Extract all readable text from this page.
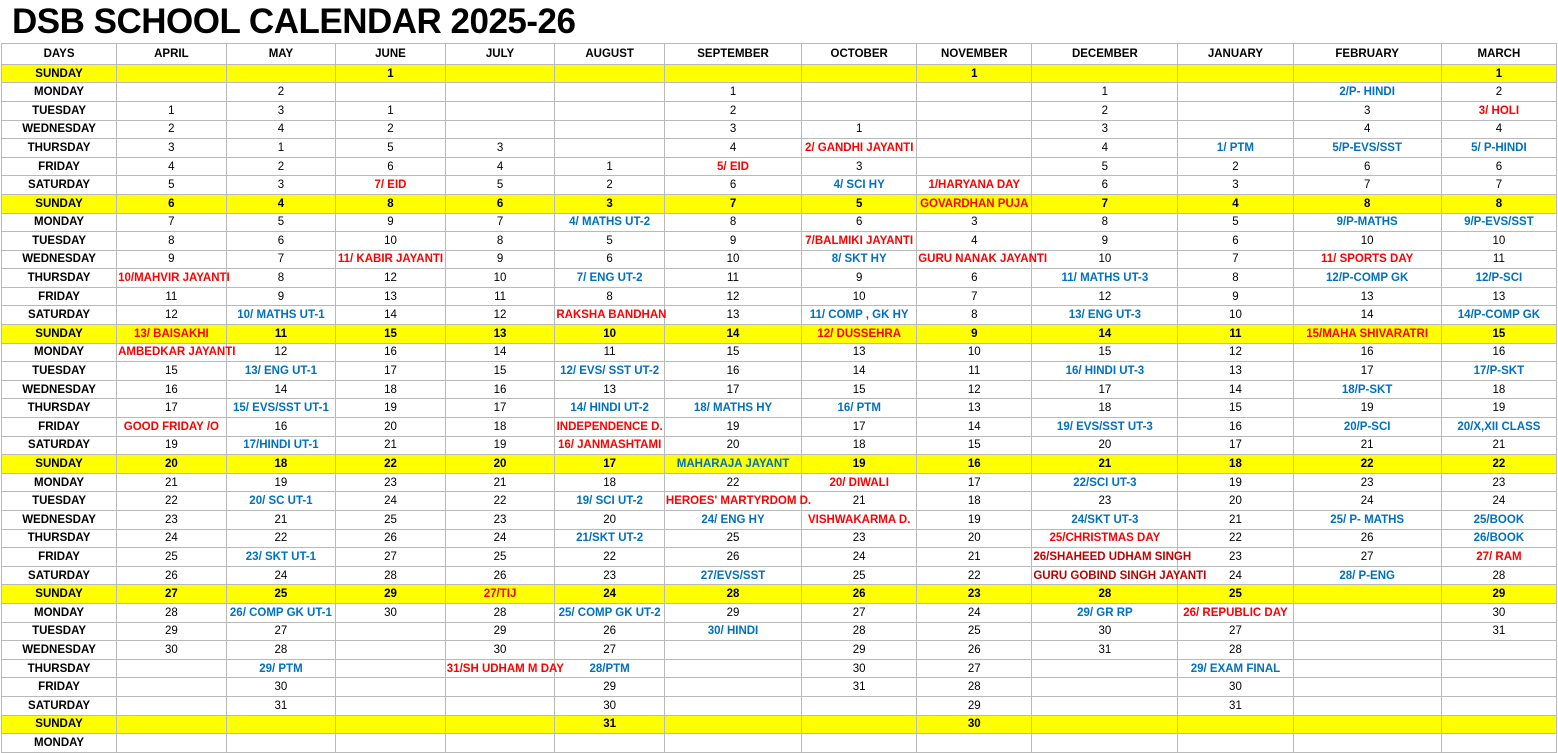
DSB SCHOOL CALENDAR 2025-26
DAYS	APRIL	MAY	JUNE	JULY	AUGUST	SEPTEMBER	OCTOBER	NOVEMBER	DECEMBER	JANUARY	FEBRUARY	MARCH
SUNDAY			1					1				1
MONDAY		2				1			1		2/P- HINDI	2
TUESDAY	1	3	1			2			2		3	3/ HOLI
WEDNESDAY	2	4	2			3	1		3		4	4
THURSDAY	3	1	5	3		4	2/ GANDHI JAYANTI		4	1/ PTM	5/P-EVS/SST	5/ P-HINDI
FRIDAY	4	2	6	4	1	5/ EID	3		5	2	6	6
SATURDAY	5	3	7/ EID	5	2	6	4/ SCI HY	1/HARYANA DAY	6	3	7	7
SUNDAY	6	4	8	6	3	7	5	GOVARDHAN PUJA	7	4	8	8
MONDAY	7	5	9	7	4/ MATHS UT-2	8	6	3	8	5	9/P-MATHS	9/P-EVS/SST
TUESDAY	8	6	10	8	5	9	7/BALMIKI JAYANTI	4	9	6	10	10
WEDNESDAY	9	7	11/ KABIR JAYANTI	9	6	10	8/ SKT HY	GURU NANAK JAYANTI	10	7	11/ SPORTS DAY	11
THURSDAY	10/MAHVIR JAYANTI	8	12	10	7/ ENG UT-2	11	9	6	11/ MATHS UT-3	8	12/P-COMP GK	12/P-SCI
FRIDAY	11	9	13	11	8	12	10	7	12	9	13	13
SATURDAY	12	10/ MATHS UT-1	14	12	RAKSHA BANDHAN	13	11/ COMP , GK HY	8	13/ ENG UT-3	10	14	14/P-COMP GK
SUNDAY	13/ BAISAKHI	11	15	13	10	14	12/ DUSSEHRA	9	14	11	15/MAHA SHIVARATRI	15
MONDAY	AMBEDKAR JAYANTI	12	16	14	11	15	13	10	15	12	16	16
TUESDAY	15	13/ ENG UT-1	17	15	12/ EVS/ SST UT-2	16	14	11	16/ HINDI UT-3	13	17	17/P-SKT
WEDNESDAY	16	14	18	16	13	17	15	12	17	14	18/P-SKT	18
THURSDAY	17	15/ EVS/SST UT-1	19	17	14/ HINDI UT-2	18/ MATHS HY	16/ PTM	13	18	15	19	19
FRIDAY	GOOD FRIDAY /O	16	20	18	INDEPENDENCE D.	19	17	14	19/ EVS/SST UT-3	16	20/P-SCI	20/X,XII CLASS
SATURDAY	19	17/HINDI UT-1	21	19	16/ JANMASHTAMI	20	18	15	20	17	21	21
SUNDAY	20	18	22	20	17	MAHARAJA JAYANT	19	16	21	18	22	22
MONDAY	21	19	23	21	18	22	20/ DIWALI	17	22/SCI UT-3	19	23	23
TUESDAY	22	20/ SC UT-1	24	22	19/ SCI UT-2	HEROES' MARTYRDOM D.	21	18	23	20	24	24
WEDNESDAY	23	21	25	23	20	24/ ENG HY	VISHWAKARMA D.	19	24/SKT UT-3	21	25/ P- MATHS	25/BOOK
THURSDAY	24	22	26	24	21/SKT UT-2	25	23	20	25/CHRISTMAS DAY	22	26	26/BOOK
FRIDAY	25	23/ SKT UT-1	27	25	22	26	24	21	26/SHAHEED UDHAM SINGH	23	27	27/ RAM
SATURDAY	26	24	28	26	23	27/EVS/SST	25	22	GURU GOBIND SINGH JAYANTI	24	28/ P-ENG	28
SUNDAY	27	25	29	27/TIJ	24	28	26	23	28	25		29
MONDAY	28	26/ COMP GK UT-1	30	28	25/ COMP GK UT-2	29	27	24	29/ GR RP	26/ REPUBLIC DAY		30
TUESDAY	29	27		29	26	30/ HINDI	28	25	30	27		31
WEDNESDAY	30	28		30	27		29	26	31	28		
THURSDAY		29/ PTM		31/SH UDHAM M DAY	28/PTM		30	27		29/ EXAM FINAL		
FRIDAY		30			29		31	28		30		
SATURDAY		31			30			29		31		
SUNDAY					31			30				
MONDAY												
